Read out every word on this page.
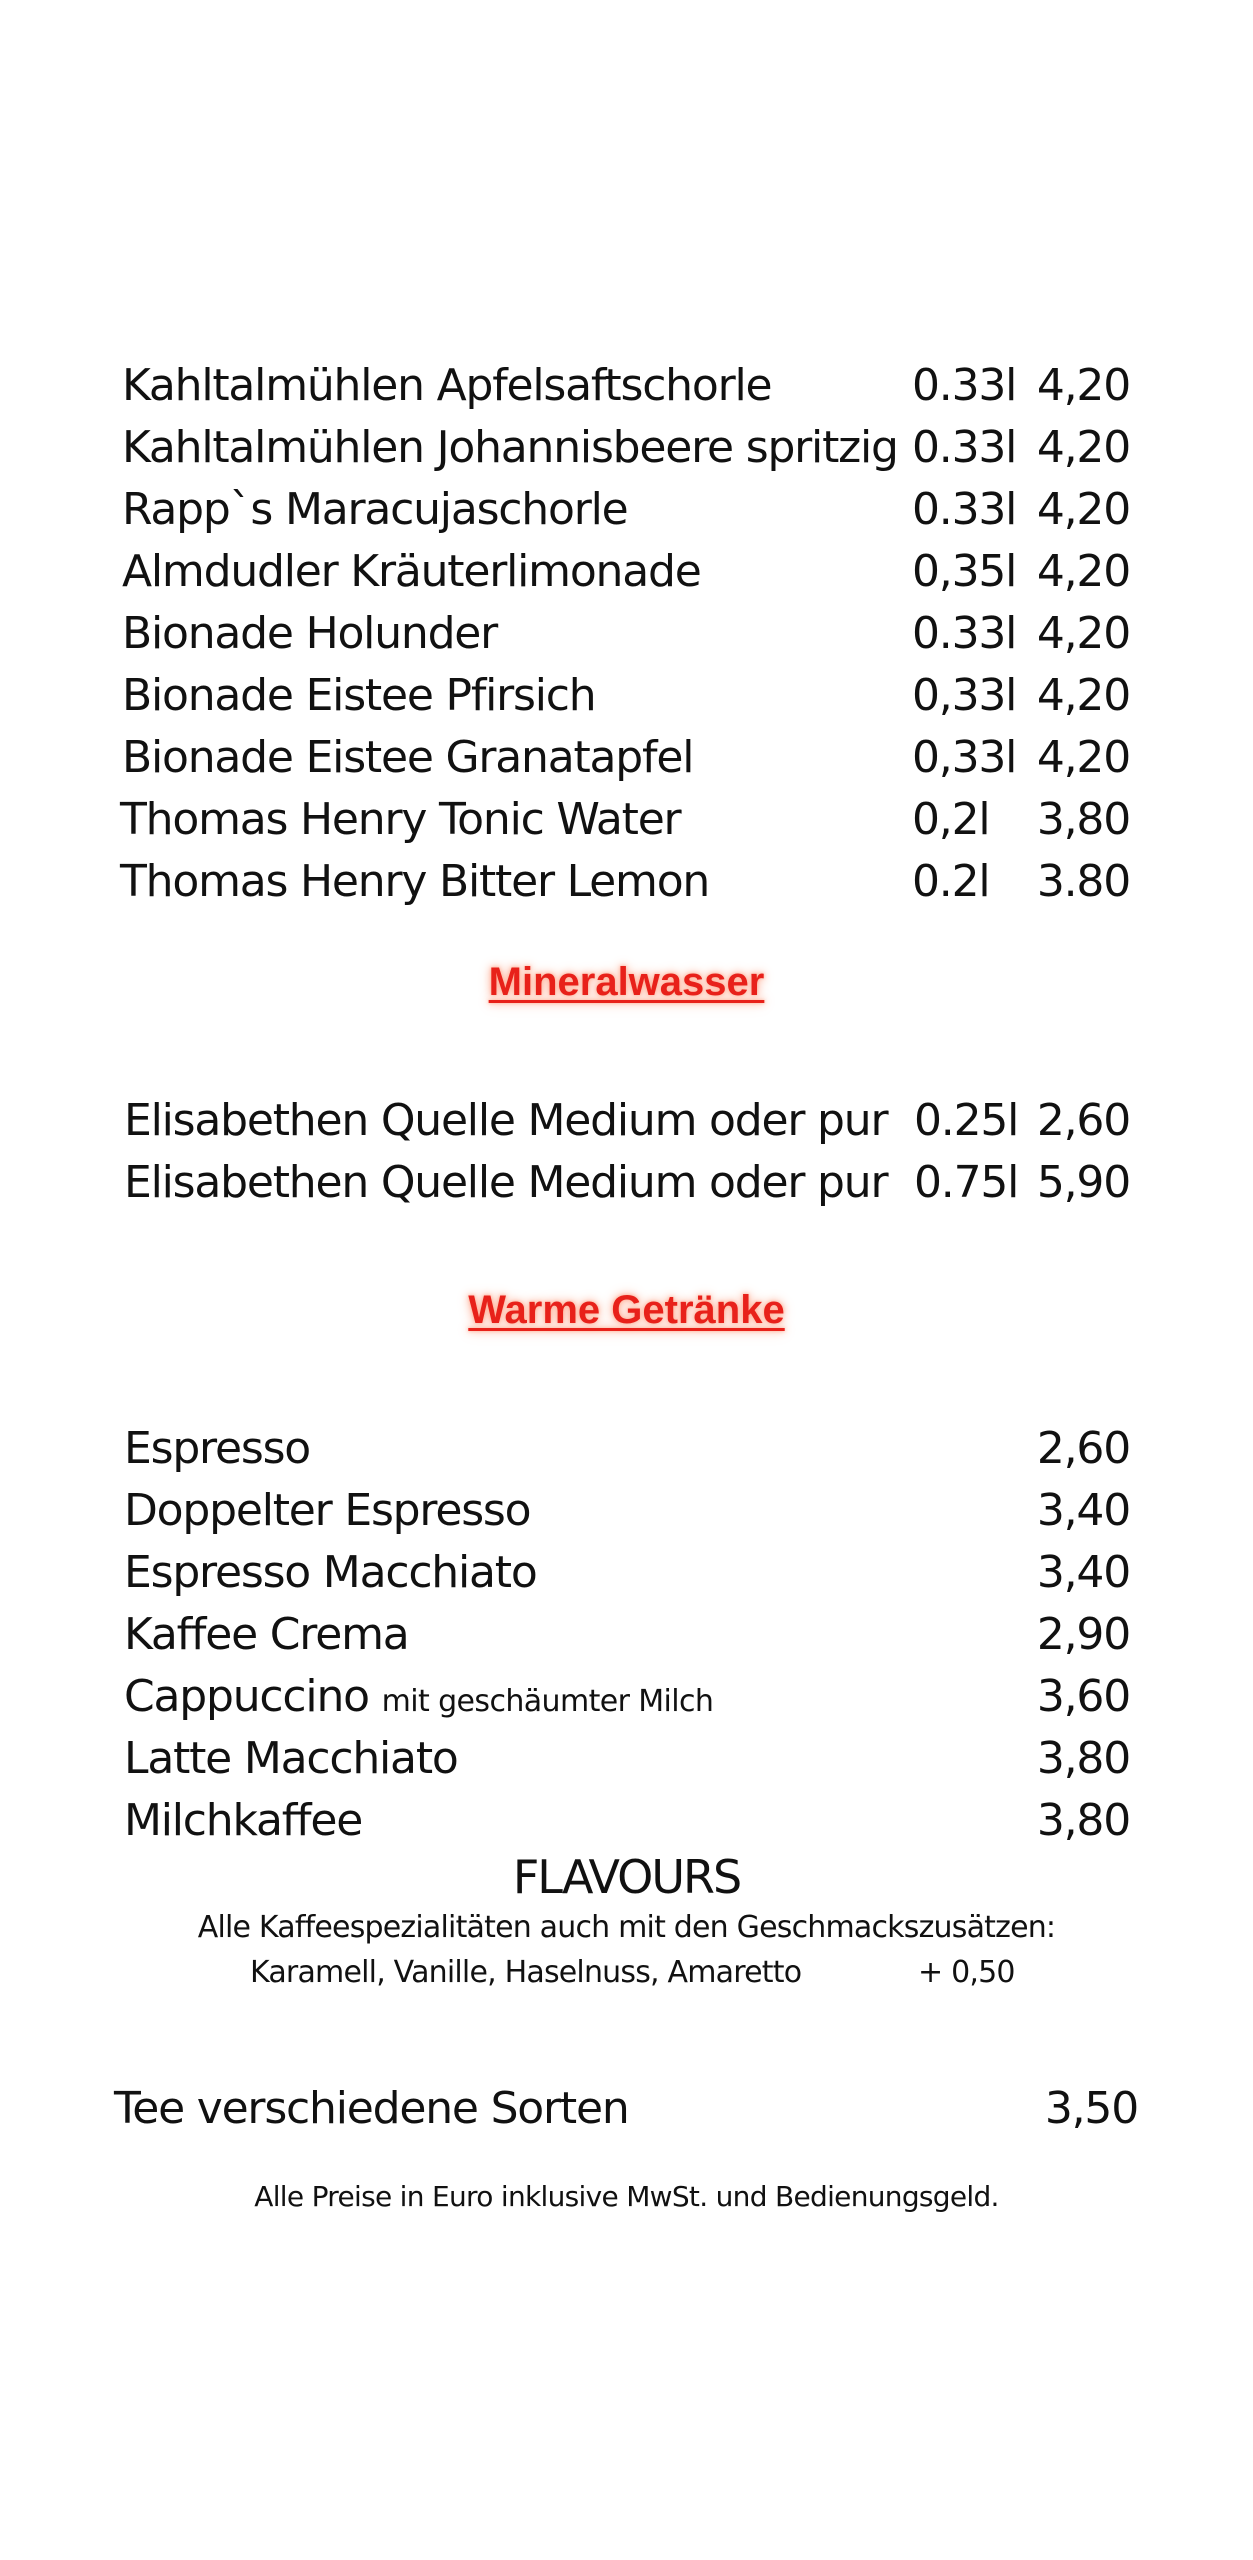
Kahltalmühlen Apfelsaftschorle	0.33l 4,20
Kahltalmühlen Johannisbeere spritzig 0.33l 4,20
Rapp`s Maracujaschorle	0.33l 4,20
Almdudler Kräuterlimonade	0,35l 4,20
Bionade Holunder	0.33l 4,20
Bionade Eistee Pfirsich	0,33l 4,20
Bionade Eistee Granatapfel	0,33l 4,20
Thomas Henry Tonic Water	0,2l	3,80
Thomas Henry Bitter Lemon	0.2l	3.80
Mineralwasser
Elisabethen Quelle Medium oder pur 0.25l 2,60
Elisabethen Quelle Medium oder pur 0.75l 5,90
Warme Getränke
Espresso	2,60
Doppelter Espresso	3,40
Espresso Macchiato	3,40
Kaffee Crema	2,90
Cappuccino mit geschäumter Milch	3,60
Latte Macchiato	3,80
Milchkaffee	3,80
FLAVOURS
Alle Kaffeespezialitäten auch mit den Geschmackszusätzen:
Karamell, Vanille, Haselnuss, Amaretto	+ 0,50
Tee verschiedene Sorten	3,50
Alle Preise in Euro inklusive MwSt. und Bedienungsgeld.
